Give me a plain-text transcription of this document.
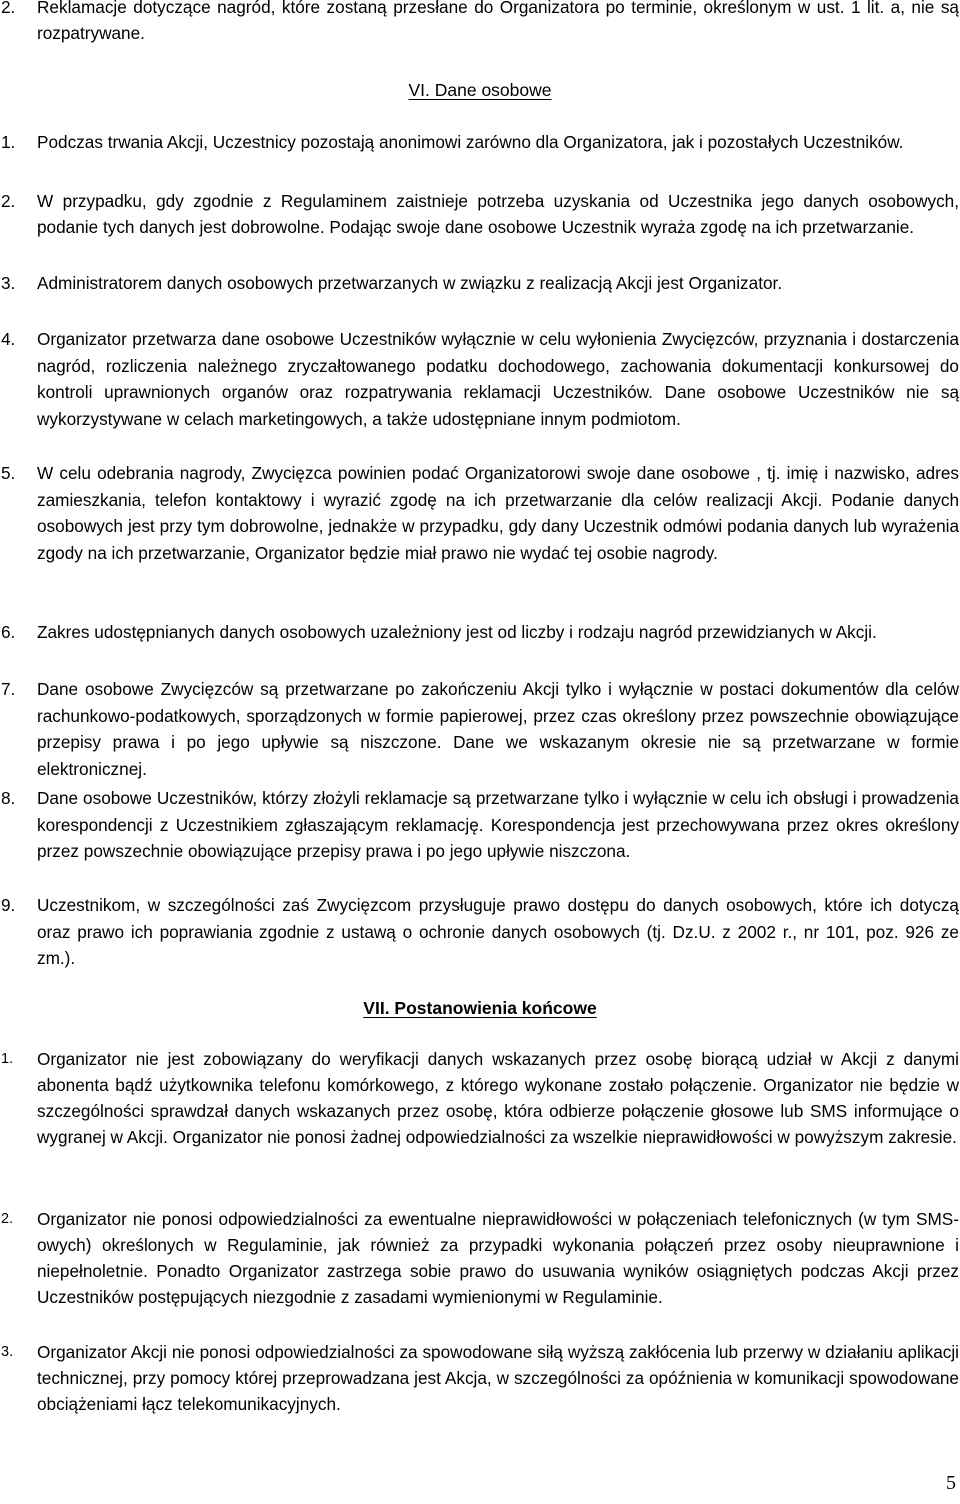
2. Reklamacje dotyczące nagród, które zostaną przesłane do Organizatora po terminie, określonym w ust. 1 lit. a, nie są rozpatrywane.
VI. Dane osobowe
1. Podczas trwania Akcji, Uczestnicy pozostają anonimowi zarówno dla Organizatora, jak i pozostałych Uczestników.
2. W przypadku, gdy zgodnie z Regulaminem zaistnieje potrzeba uzyskania od Uczestnika jego danych osobowych, podanie tych danych jest dobrowolne. Podając swoje dane osobowe Uczestnik wyraża zgodę na ich przetwarzanie.
3. Administratorem danych osobowych przetwarzanych w związku z realizacją Akcji jest Organizator.
4. Organizator przetwarza dane osobowe Uczestników wyłącznie w celu wyłonienia Zwycięzców, przyznania i dostarczenia nagród, rozliczenia należnego zryczałtowanego podatku dochodowego, zachowania dokumentacji konkursowej do kontroli uprawnionych organów oraz rozpatrywania reklamacji Uczestników. Dane osobowe Uczestników nie są wykorzystywane w celach marketingowych, a także udostępniane innym podmiotom.
5. W celu odebrania nagrody, Zwycięzca powinien podać Organizatorowi swoje dane osobowe , tj. imię i nazwisko, adres zamieszkania, telefon kontaktowy i wyrazić zgodę na ich przetwarzanie dla celów realizacji Akcji. Podanie danych osobowych jest przy tym dobrowolne, jednakże w przypadku, gdy dany Uczestnik odmówi podania danych lub wyrażenia zgody na ich przetwarzanie, Organizator będzie miał prawo nie wydać tej osobie nagrody.
6. Zakres udostępnianych danych osobowych uzależniony jest od liczby i rodzaju nagród przewidzianych w Akcji.
7. Dane osobowe Zwycięzców są przetwarzane po zakończeniu Akcji tylko i wyłącznie w postaci dokumentów dla celów rachunkowo-podatkowych, sporządzonych w formie papierowej, przez czas określony przez powszechnie obowiązujące przepisy prawa i po jego upływie są niszczone. Dane we wskazanym okresie nie są przetwarzane w formie elektronicznej.
8. Dane osobowe Uczestników, którzy złożyli reklamacje są przetwarzane tylko i wyłącznie w celu ich obsługi i prowadzenia korespondencji z Uczestnikiem zgłaszającym reklamację. Korespondencja jest przechowywana przez okres określony przez powszechnie obowiązujące przepisy prawa i po jego upływie niszczona.
9. Uczestnikom, w szczególności zaś Zwycięzcom przysługuje prawo dostępu do danych osobowych, które ich dotyczą oraz prawo ich poprawiania zgodnie z ustawą o ochronie danych osobowych (tj. Dz.U. z 2002 r., nr 101, poz. 926 ze zm.).
VII. Postanowienia końcowe
1. Organizator nie jest zobowiązany do weryfikacji danych wskazanych przez osobę biorącą udział w Akcji z danymi abonenta bądź użytkownika telefonu komórkowego, z którego wykonane zostało połączenie. Organizator nie będzie w szczególności sprawdzał danych wskazanych przez osobę, która odbierze połączenie głosowe lub SMS informujące o wygranej w Akcji. Organizator nie ponosi żadnej odpowiedzialności za wszelkie nieprawidłowości w powyższym zakresie.
2. Organizator nie ponosi odpowiedzialności za ewentualne nieprawidłowości w połączeniach telefonicznych (w tym SMS-owych) określonych w Regulaminie, jak również za przypadki wykonania połączeń przez osoby nieuprawnione i niepełnoletnie. Ponadto Organizator zastrzega sobie prawo do usuwania wyników osiągniętych podczas Akcji przez Uczestników postępujących niezgodnie z zasadami wymienionymi w Regulaminie.
3. Organizator Akcji nie ponosi odpowiedzialności za spowodowane siłą wyższą zakłócenia lub przerwy w działaniu aplikacji technicznej, przy pomocy której przeprowadzana jest Akcja, w szczególności za opóźnienia w komunikacji spowodowane obciążeniami łącz telekomunikacyjnych.
5
